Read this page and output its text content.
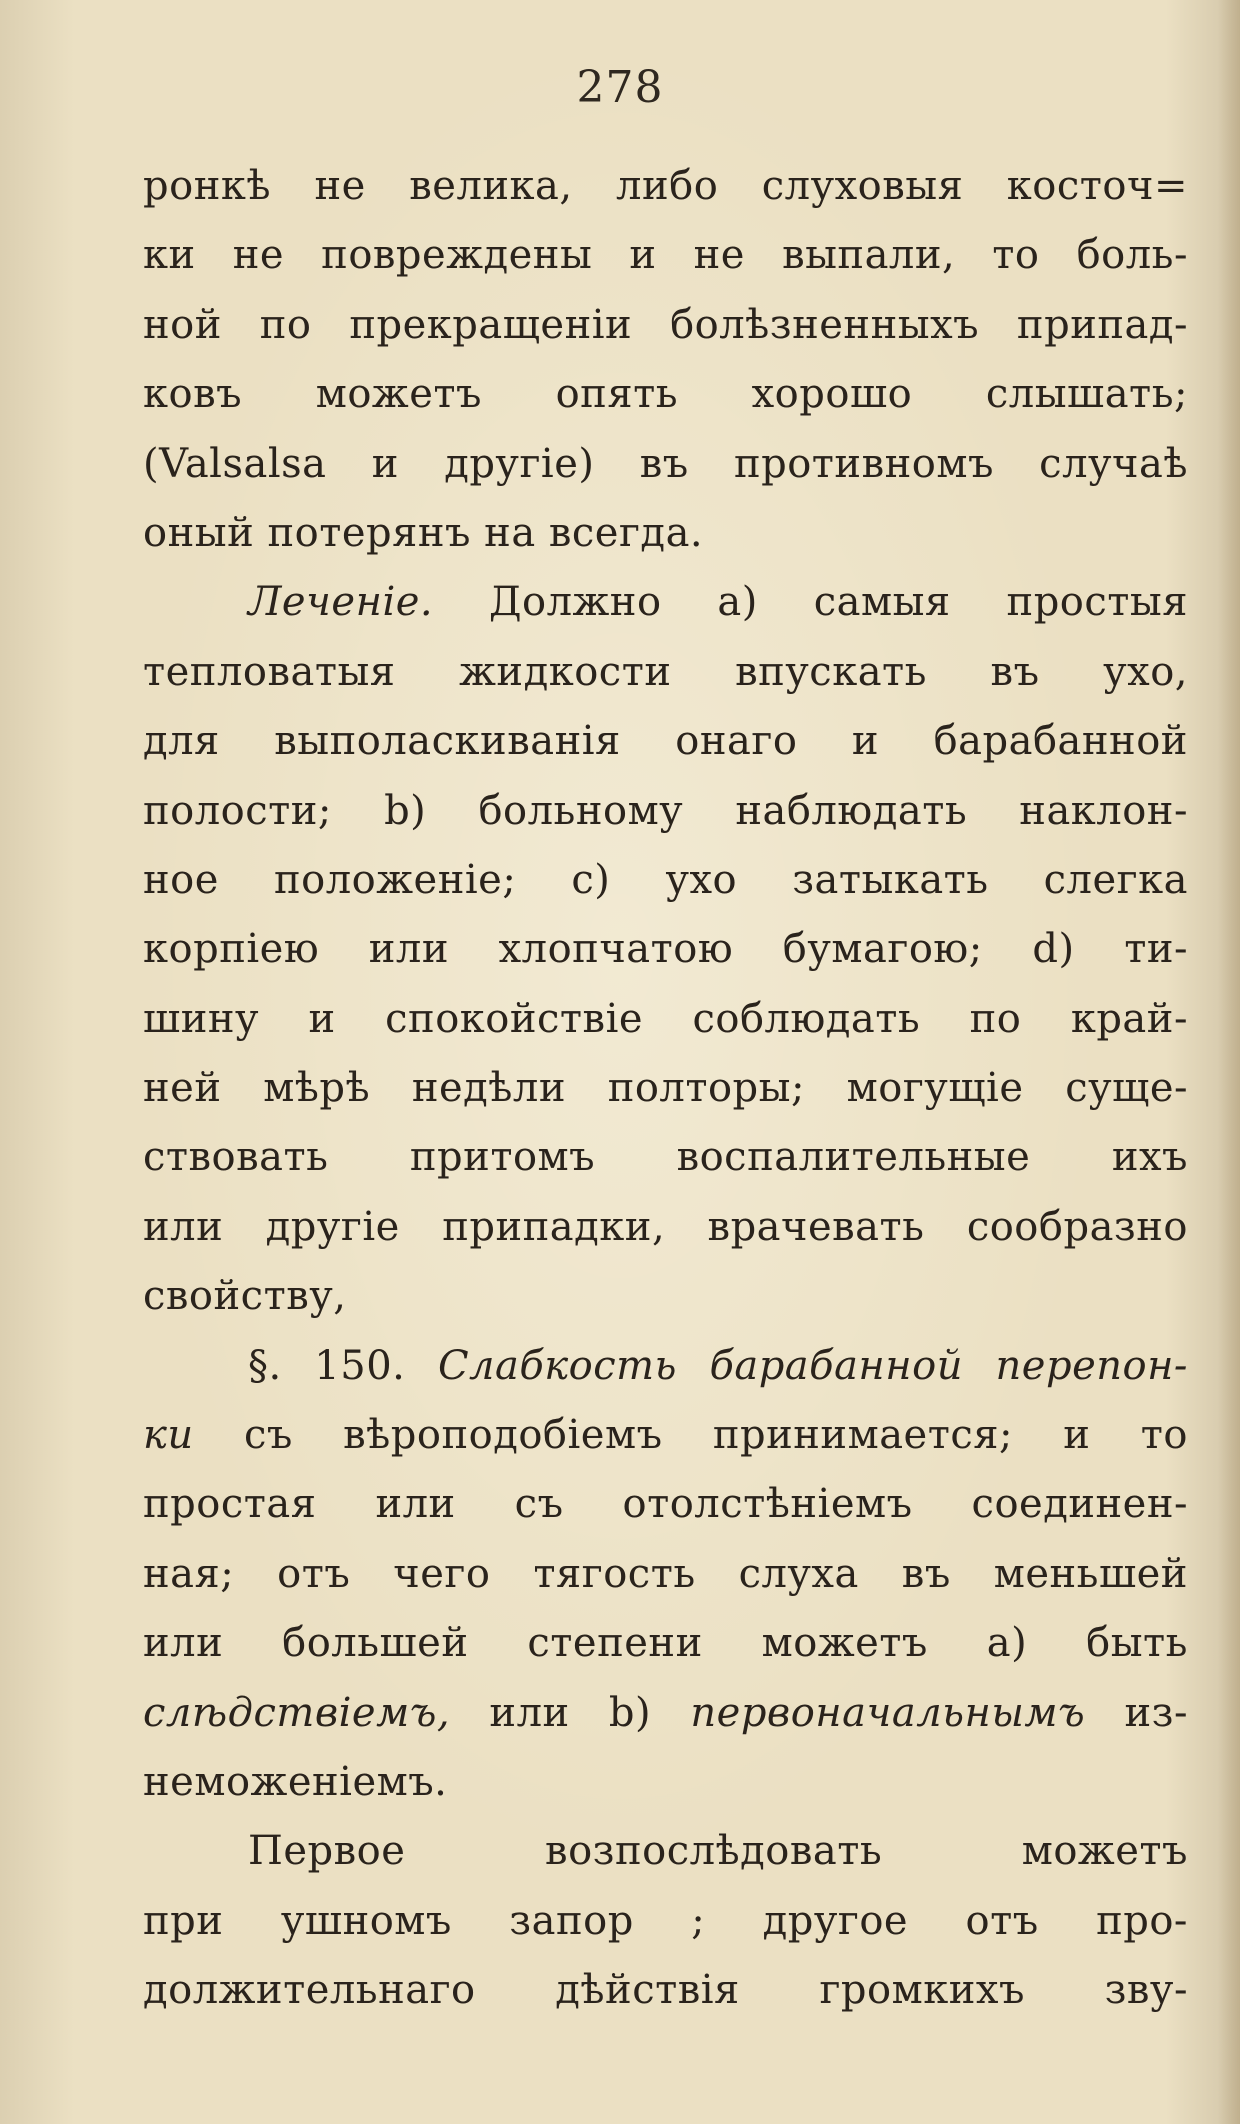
278
ронкѣ не велика, либо слуховыя косточ=
ки не повреждены и не выпали, то боль-
ной по прекращеніи болѣзненныхъ припад-
ковъ можетъ опять хорошо слышать;
(Valsalsa и другіе) въ противномъ случаѣ
оный потерянъ на всегда.
Леченіе. Должно а) самыя простыя
тепловатыя жидкости впускать въ ухо,
для выполаскиванія онаго и барабанной
полости; b) больному наблюдать наклон-
ное положеніе; c) ухо затыкать слегка
корпіею или хлопчатою бумагою; d) ти-
шину и спокойствіе соблюдать по край-
ней мѣрѣ недѣли полторы; могущіе суще-
ствовать притомъ воспалительные ихъ
или другіе припадки, врачевать сообразно
свойству,
§. 150. Слабкость барабанной перепон-
ки съ вѣроподобіемъ принимается; и то
простая или съ отолстѣніемъ соединен-
ная; отъ чего тягость слуха въ меньшей
или большей степени можетъ а) быть
слѣдствіемъ, или b) первоначальнымъ из-
неможеніемъ.
Первое	возпослѣдовать	можетъ
при ушномъ запор ; другое отъ про-
должительнаго дѣйствія громкихъ зву-
